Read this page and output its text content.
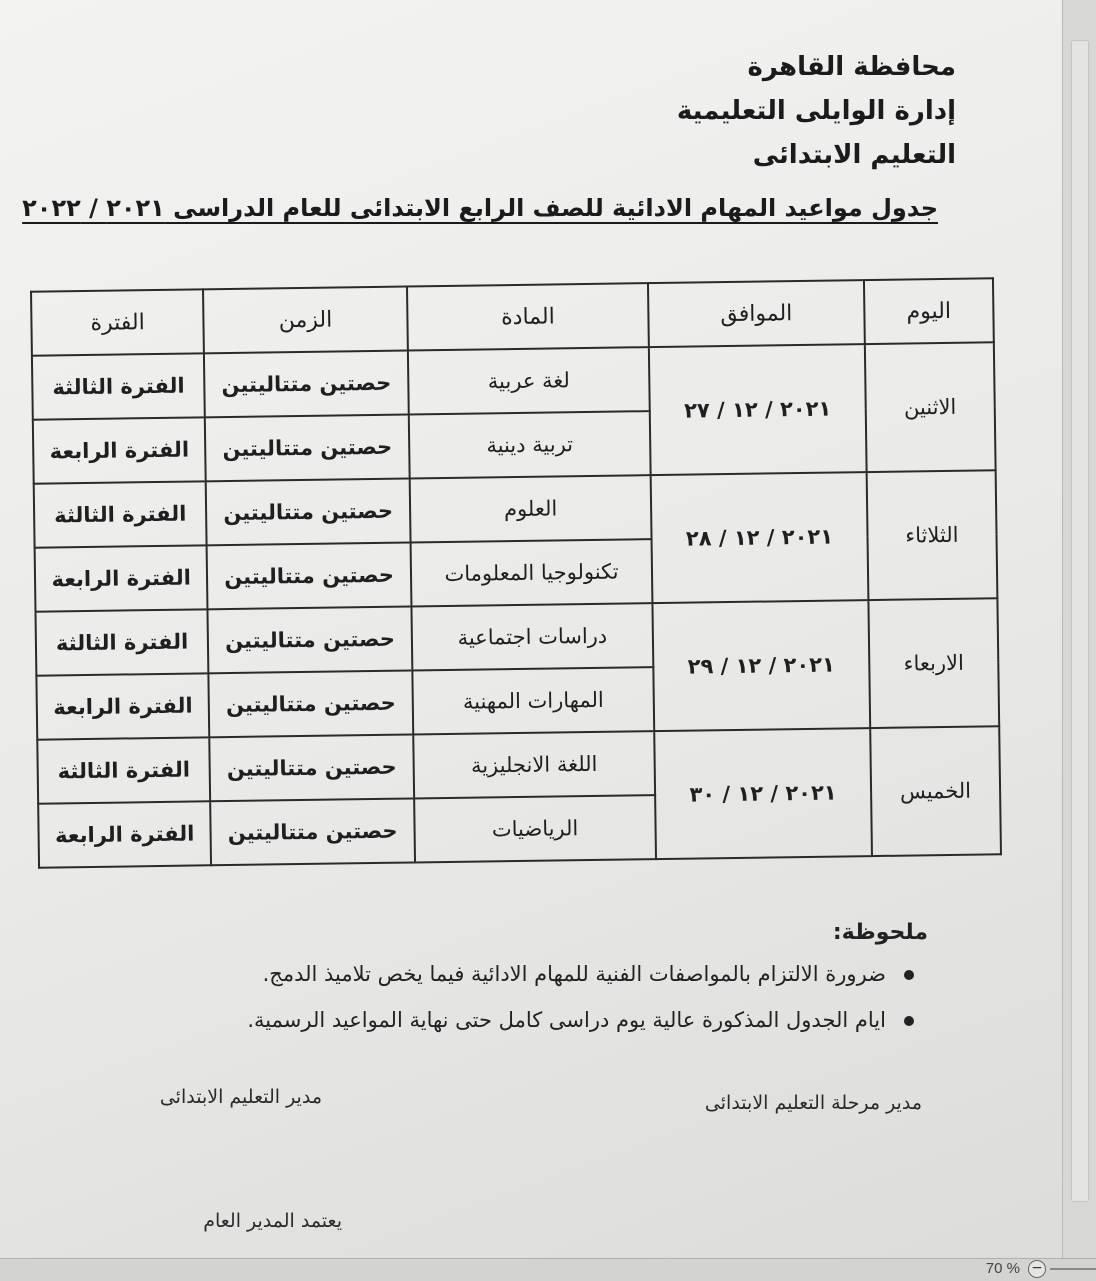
محافظة القاهرة
إدارة الوايلى التعليمية
التعليم الابتدائى
جدول مواعيد المهام الادائية للصف الرابع الابتدائى للعام الدراسى ٢٠٢١ / ٢٠٢٢
اليوم	الموافق	المادة	الزمن	الفترة
الاثنين	٢٠٢١ / ١٢ / ٢٧	لغة عربية	حصتين متتاليتين	الفترة الثالثة
		تربية دينية	حصتين متتاليتين	الفترة الرابعة
الثلاثاء	٢٠٢١ / ١٢ / ٢٨	العلوم	حصتين متتاليتين	الفترة الثالثة
		تكنولوجيا المعلومات	حصتين متتاليتين	الفترة الرابعة
الاربعاء	٢٠٢١ / ١٢ / ٢٩	دراسات اجتماعية	حصتين متتاليتين	الفترة الثالثة
		المهارات المهنية	حصتين متتاليتين	الفترة الرابعة
الخميس	٢٠٢١ / ١٢ / ٣٠	اللغة الانجليزية	حصتين متتاليتين	الفترة الثالثة
		الرياضيات	حصتين متتاليتين	الفترة الرابعة
ملحوظة:
ضرورة الالتزام بالمواصفات الفنية للمهام الادائية فيما يخص تلاميذ الدمج.
ايام الجدول المذكورة عالية يوم دراسى كامل حتى نهاية المواعيد الرسمية.
مدير مرحلة التعليم الابتدائى
مدير التعليم الابتدائى
يعتمد المدير العام
70 % −
